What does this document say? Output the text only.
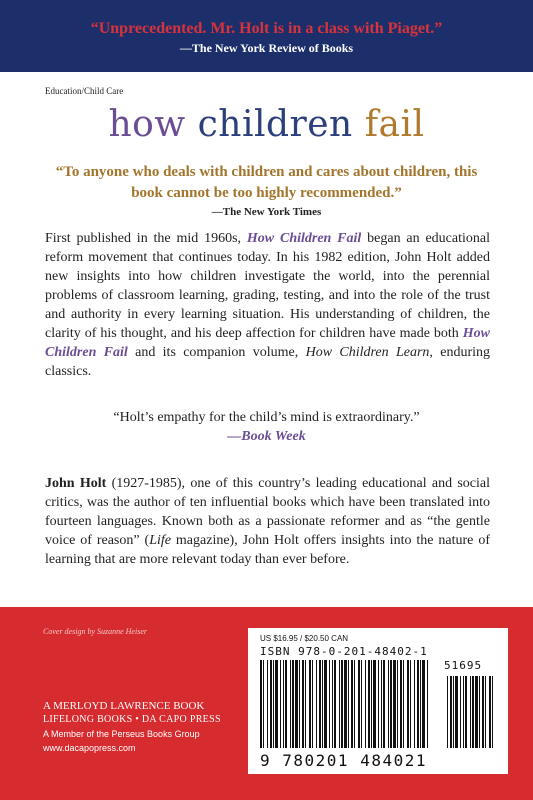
“Unprecedented. Mr. Holt is in a class with Piaget.”
—The New York Review of Books
Education/Child Care
how children fail
“To anyone who deals with children and cares about children, this book cannot be too highly recommended.”
—The New York Times

First published in the mid 1960s, How Children Fail began an educational reform movement that continues today. In his 1982 edition, John Holt added new insights into how children investigate the world, into the perennial problems of classroom learning, grading, testing, and into the role of the trust and authority in every learning situation. His understanding of children, the clarity of his thought, and his deep affection for children have made both How Children Fail and its companion volume, How Children Learn, enduring classics.

“Holt’s empathy for the child’s mind is extraordinary.”
—Book Week

John Holt (1927-1985), one of this country’s leading educational and social critics, was the author of ten influential books which have been translated into fourteen languages. Known both as a passionate reformer and as “the gentle voice of reason” (Life magazine), John Holt offers insights into the nature of learning that are more relevant today than ever before.

Cover design by Suzanne Heiser
A MERLOYD LAWRENCE BOOK
LIFELONG BOOKS • DA CAPO PRESS
A Member of the Perseus Books Group
www.dacapopress.com
US $16.95 / $20.50 CAN
ISBN 978-0-201-48402-1
51695
9 780201 484021
